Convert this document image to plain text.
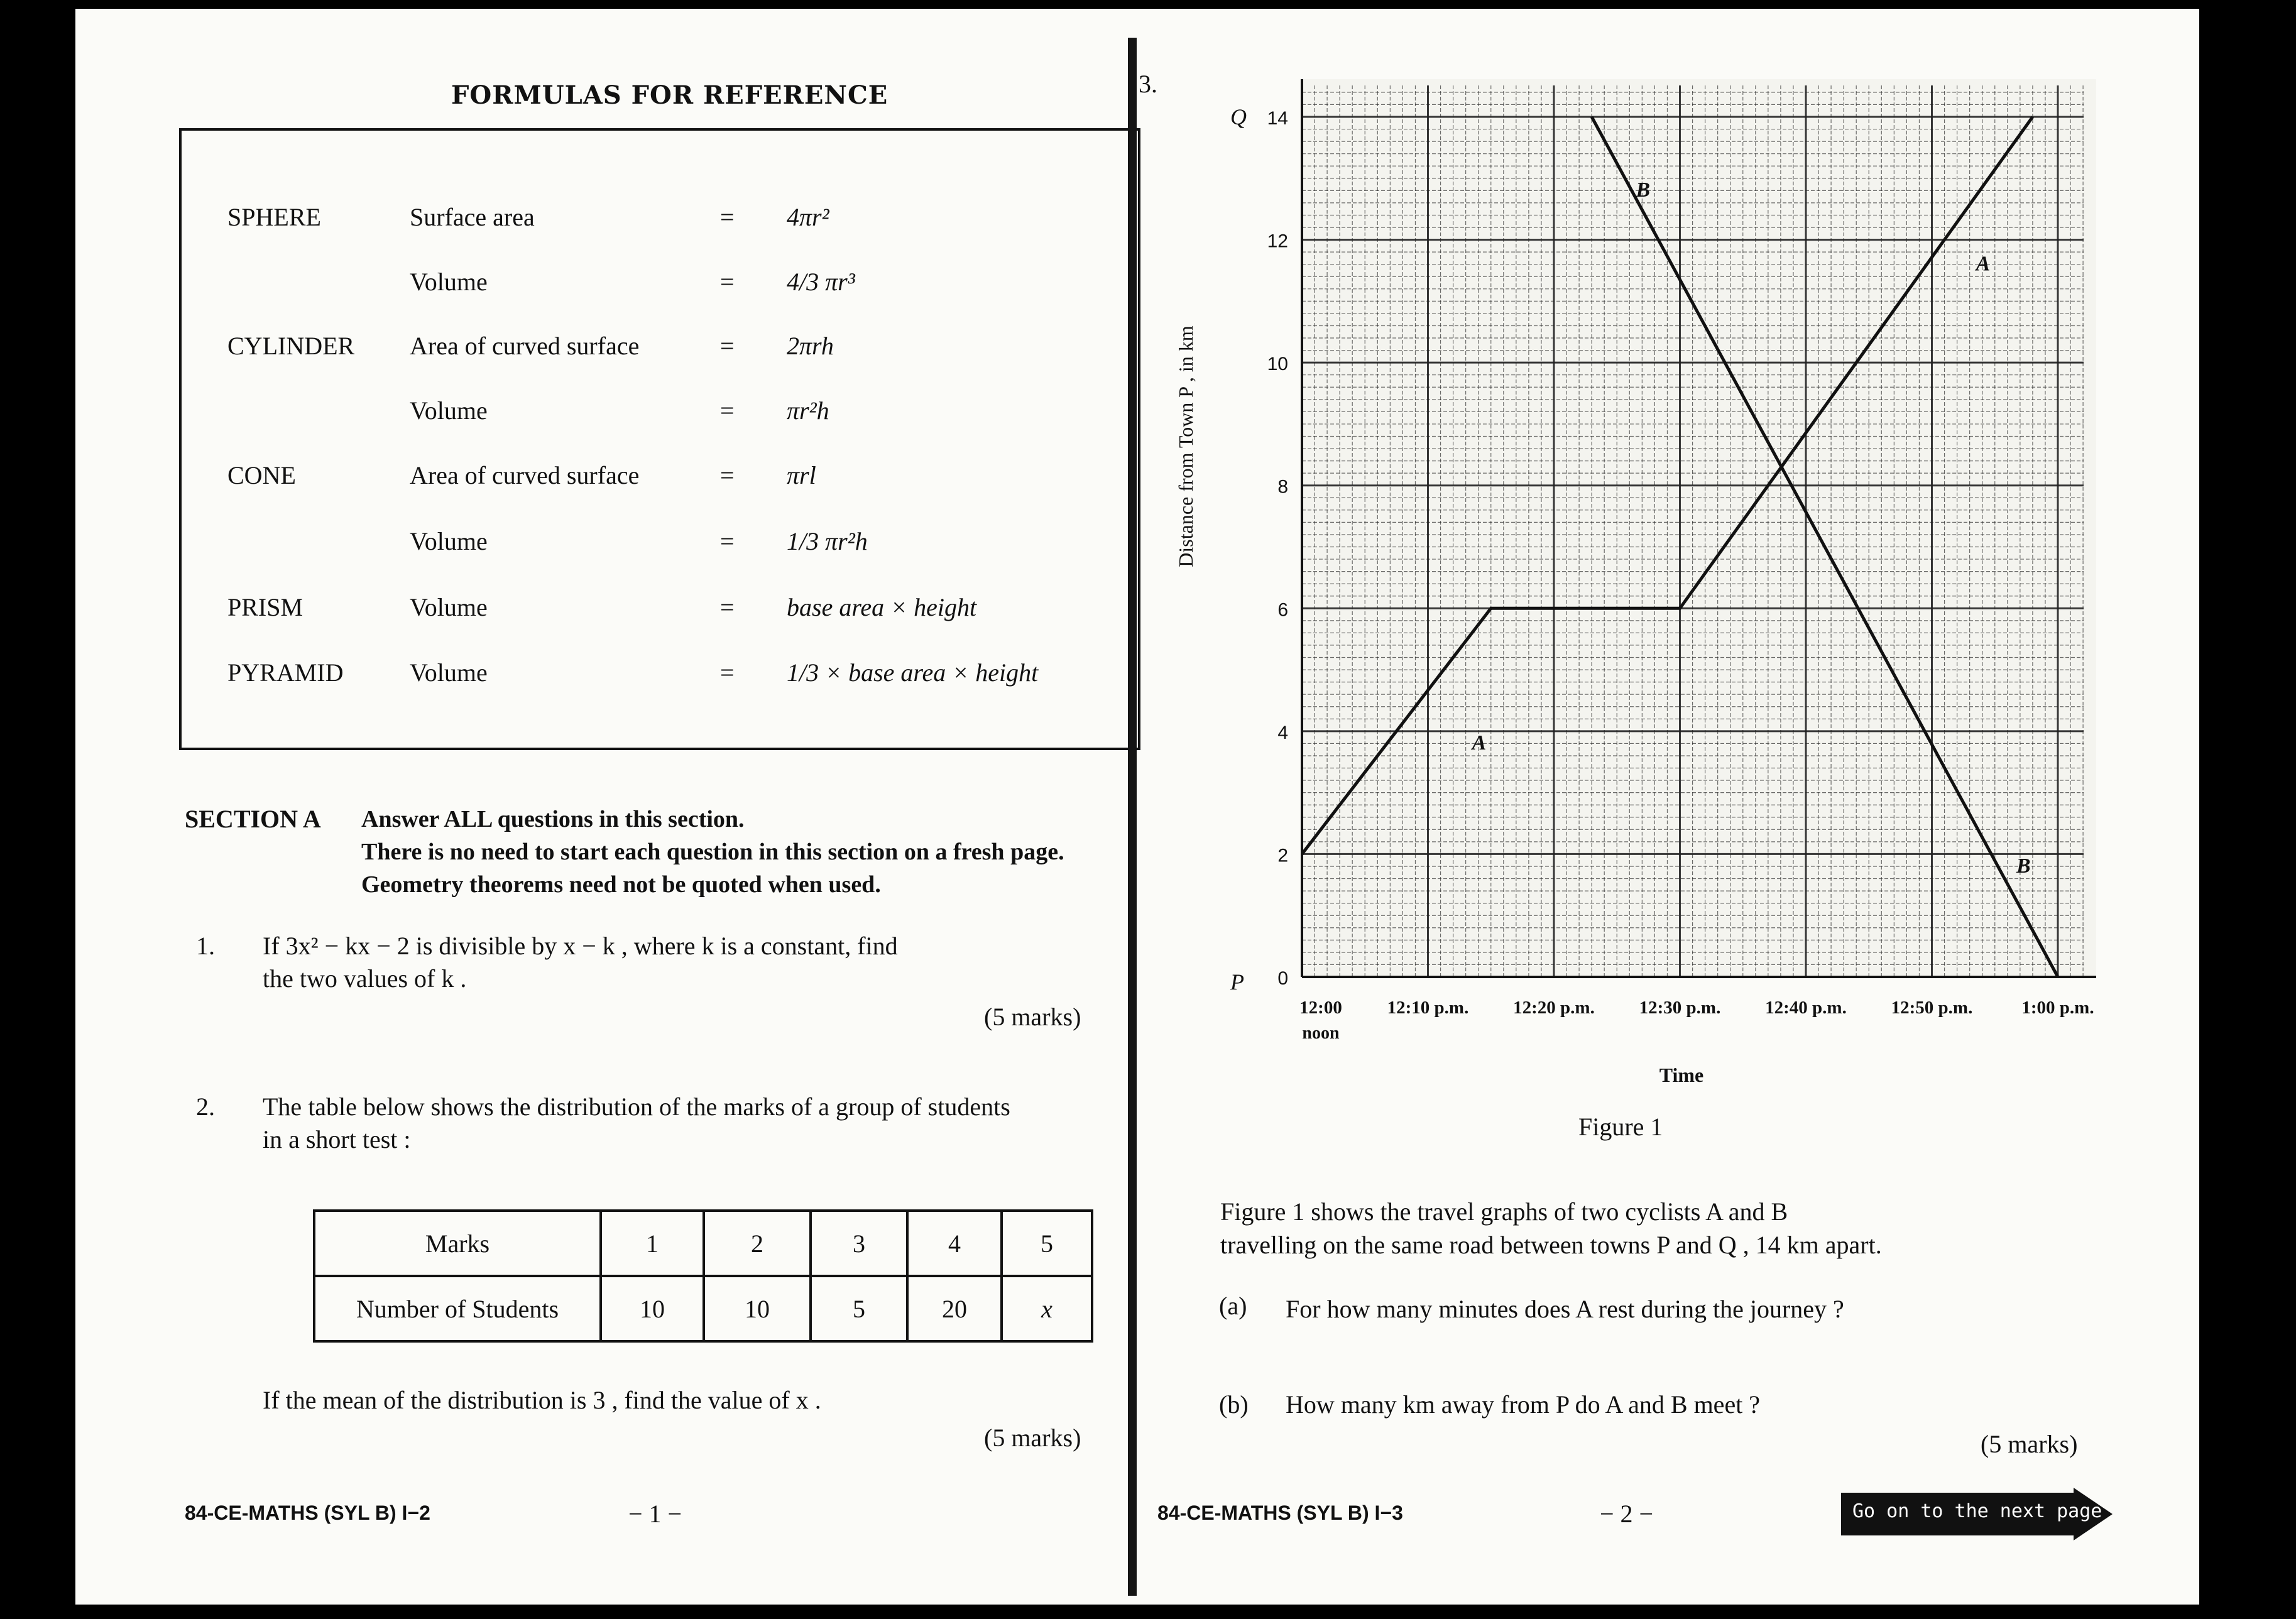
FORMULAS FOR REFERENCE
SPHERE	Surface area	= 4πr²
Volume	= 4/3 πr³
CYLINDER Area of curved surface	= 2πrh
Volume	= πr²h
CONE	Area of curved surface	= πrl
Volume	= 1/3 πr²h
PRISM	Volume	= base area × height
PYRAMID	Volume	= 1/3 × base area × height
SECTION A Answer ALL questions in this section.
There is no need to start each question in this section on a fresh page.
Geometry theorems need not be quoted when used.
1. If 3x² − kx − 2 is divisible by x − k , where k is a constant, find
the two values of k .
(5 marks)
2. The table below shows the distribution of the marks of a group of students
in a short test :
Marks	1	2	3	4	5
Number of Students	10	10	5	20	x
If the mean of the distribution is 3 , find the value of x .
(5 marks)
84-CE-MATHS (SYL B) I−2	− 1 −
3.
0
2
4
6
8
10
12
14
Q
P
12:00 12:10 p.m. 12:20 p.m. 12:30 p.m. 12:40 p.m. 12:50 p.m.	1:00 p.m.
noon
Time
Distance from Town P , in km
A
A
B
B
Figure 1
Figure 1 shows the travel graphs of two cyclists A and B
travelling on the same road between towns P and Q , 14 km apart.
(a) For how many minutes does A rest during the journey ?
(b) How many km away from P do A and B meet ?
(5 marks)
84-CE-MATHS (SYL B) I−3	− 2 −	Go on to the next page
